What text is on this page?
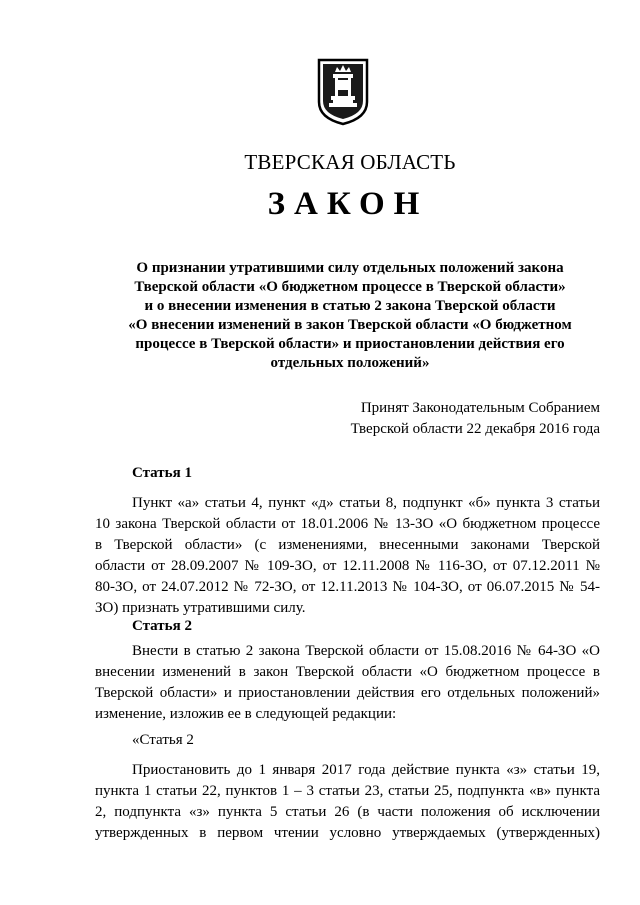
ТВЕРСКАЯ ОБЛАСТЬ
ЗАКОН
О признании утратившими силу отдельных положений закона
Тверской области «О бюджетном процессе в Тверской области»
и о внесении изменения в статью 2 закона Тверской области
«О внесении изменений в закон Тверской области «О бюджетном
процессе в Тверской области» и приостановлении действия его
отдельных положений»
Принят Законодательным Собранием
Тверской области 22 декабря 2016 года
Статья 1
Пункт «а» статьи 4, пункт «д» статьи 8, подпункт «б» пункта 3 статьи
10 закона Тверской области от 18.01.2006 № 13-ЗО «О бюджетном процессе
в Тверской области» (с изменениями, внесенными законами Тверской
области от 28.09.2007 № 109-ЗО, от 12.11.2008 № 116-ЗО, от 07.12.2011 №
80-ЗО, от 24.07.2012 № 72-ЗО, от 12.11.2013 № 104-ЗО, от 06.07.2015 № 54-
ЗО) признать утратившими силу.
Статья 2
Внести в статью 2 закона Тверской области от 15.08.2016 № 64-ЗО «О
внесении изменений в закон Тверской области «О бюджетном процессе в
Тверской области» и приостановлении действия его отдельных положений»
изменение, изложив ее в следующей редакции:
«Статья 2
Приостановить до 1 января 2017 года действие пункта «з» статьи 19,
пункта 1 статьи 22, пунктов 1 – 3 статьи 23, статьи 25, подпункта «в» пункта
2, подпункта «з» пункта 5 статьи 26 (в части положения об исключении
утвержденных в первом чтении условно утверждаемых (утвержденных)
